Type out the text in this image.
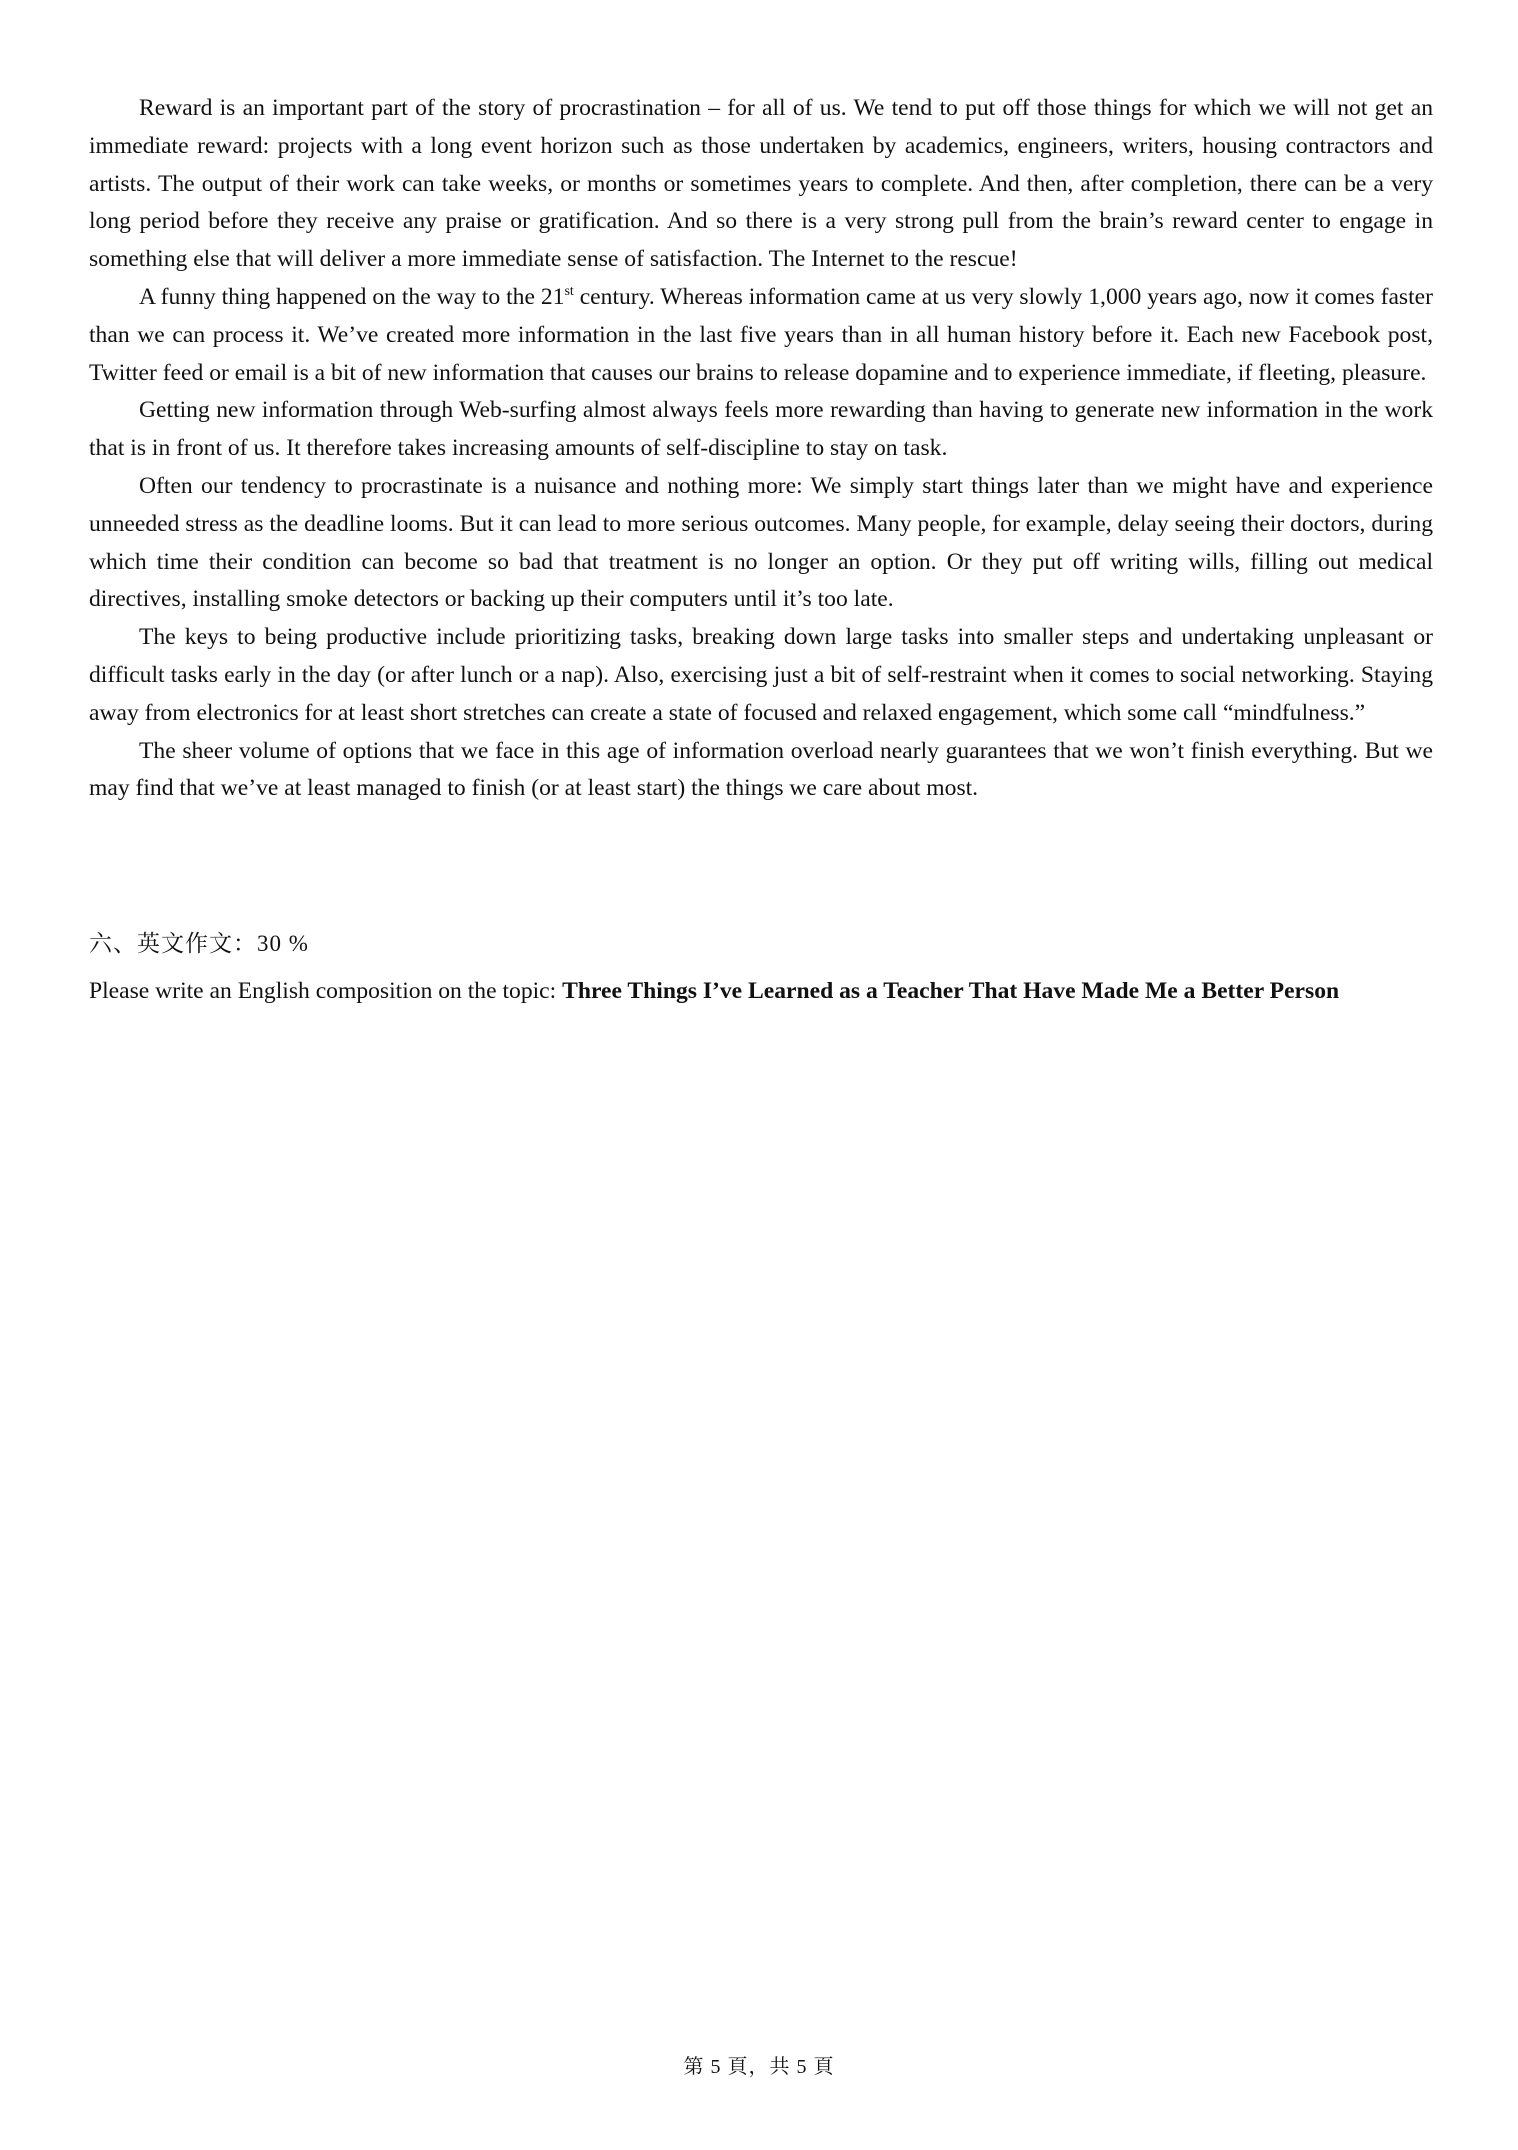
Reward is an important part of the story of procrastination – for all of us. We tend to put off those things for which we will not get an immediate reward: projects with a long event horizon such as those undertaken by academics, engineers, writers, housing contractors and artists. The output of their work can take weeks, or months or sometimes years to complete. And then, after completion, there can be a very long period before they receive any praise or gratification. And so there is a very strong pull from the brain’s reward center to engage in something else that will deliver a more immediate sense of satisfaction. The Internet to the rescue!

A funny thing happened on the way to the 21st century. Whereas information came at us very slowly 1,000 years ago, now it comes faster than we can process it. We’ve created more information in the last five years than in all human history before it. Each new Facebook post, Twitter feed or email is a bit of new information that causes our brains to release dopamine and to experience immediate, if fleeting, pleasure.

Getting new information through Web-surfing almost always feels more rewarding than having to generate new information in the work that is in front of us. It therefore takes increasing amounts of self-discipline to stay on task.

Often our tendency to procrastinate is a nuisance and nothing more: We simply start things later than we might have and experience unneeded stress as the deadline looms. But it can lead to more serious outcomes. Many people, for example, delay seeing their doctors, during which time their condition can become so bad that treatment is no longer an option. Or they put off writing wills, filling out medical directives, installing smoke detectors or backing up their computers until it’s too late.

The keys to being productive include prioritizing tasks, breaking down large tasks into smaller steps and undertaking unpleasant or difficult tasks early in the day (or after lunch or a nap). Also, exercising just a bit of self-restraint when it comes to social networking. Staying away from electronics for at least short stretches can create a state of focused and relaxed engagement, which some call “mindfulness.”

The sheer volume of options that we face in this age of information overload nearly guarantees that we won’t finish everything. But we may find that we’ve at least managed to finish (or at least start) the things we care about most.

六、英文作文：30 %
Please write an English composition on the topic: Three Things I’ve Learned as a Teacher That Have Made Me a Better Person
第 5 頁，共 5 頁
